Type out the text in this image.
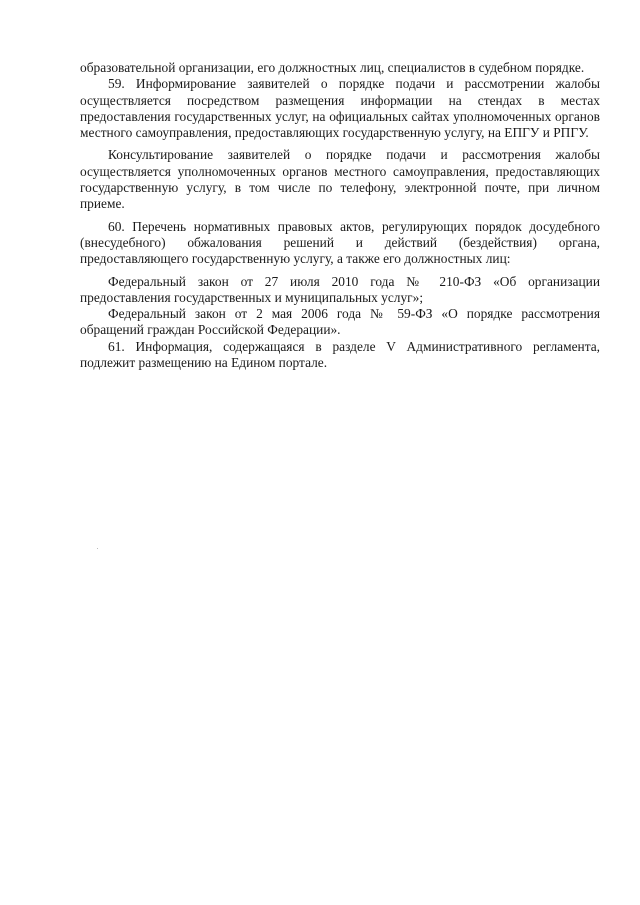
образовательной организации, его должностных лиц, специалистов в судебном порядке.

59. Информирование заявителей о порядке подачи и рассмотрении жалобы осуществляется посредством размещения информации на стендах в местах предоставления государственных услуг, на официальных сайтах уполномоченных органов местного самоуправления, предоставляющих государственную услугу, на ЕПГУ и РПГУ.

Консультирование заявителей о порядке подачи и рассмотрения жалобы осуществляется уполномоченных органов местного самоуправления, предоставляющих государственную услугу, в том числе по телефону, электронной почте, при личном приеме.

60. Перечень нормативных правовых актов, регулирующих порядок досудебного (внесудебного) обжалования решений и действий (бездействия) органа, предоставляющего государственную услугу, а также его должностных лиц:

Федеральный закон от 27 июля 2010 года № 210-ФЗ «Об организации предоставления государственных и муниципальных услуг»;

Федеральный закон от 2 мая 2006 года № 59-ФЗ «О порядке рассмотрения обращений граждан Российской Федерации».

61. Информация, содержащаяся в разделе V Административного регламента, подлежит размещению на Едином портале.
